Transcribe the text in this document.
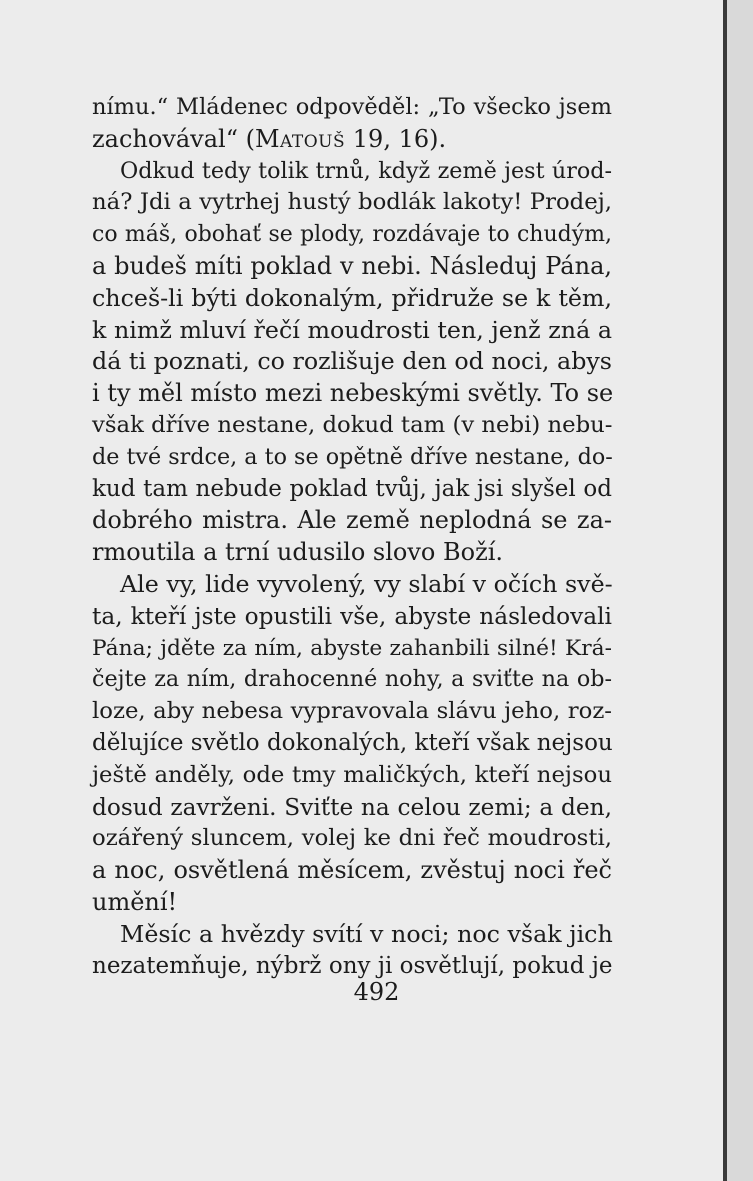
nímu.“ Mládenec odpověděl: „To všecko jsem
zachovával“ (Matouš 19, 16).
Odkud tedy tolik trnů, když země jest úrod-
ná? Jdi a vytrhej hustý bodlák lakoty! Prodej,
co máš, obohať se plody, rozdávaje to chudým,
a budeš míti poklad v nebi. Následuj Pána,
chceš-li býti dokonalým, přidruže se k těm,
k nimž mluví řečí moudrosti ten, jenž zná a
dá ti poznati, co rozlišuje den od noci, abys
i ty měl místo mezi nebeskými světly. To se
však dříve nestane, dokud tam (v nebi) nebu-
de tvé srdce, a to se opětně dříve nestane, do-
kud tam nebude poklad tvůj, jak jsi slyšel od
dobrého mistra. Ale země neplodná se za-
rmoutila a trní udusilo slovo Boží.
Ale vy, lide vyvolený, vy slabí v očích svě-
ta, kteří jste opustili vše, abyste následovali
Pána; jděte za ním, abyste zahanbili silné! Krá-
čejte za ním, drahocenné nohy, a sviťte na ob-
loze, aby nebesa vypravovala slávu jeho, roz-
dělujíce světlo dokonalých, kteří však nejsou
ještě anděly, ode tmy maličkých, kteří nejsou
dosud zavrženi. Sviťte na celou zemi; a den,
ozářený sluncem, volej ke dni řeč moudrosti,
a noc, osvětlená měsícem, zvěstuj noci řeč
umění!
Měsíc a hvězdy svítí v noci; noc však jich
nezatemňuje, nýbrž ony ji osvětlují, pokud je
492
